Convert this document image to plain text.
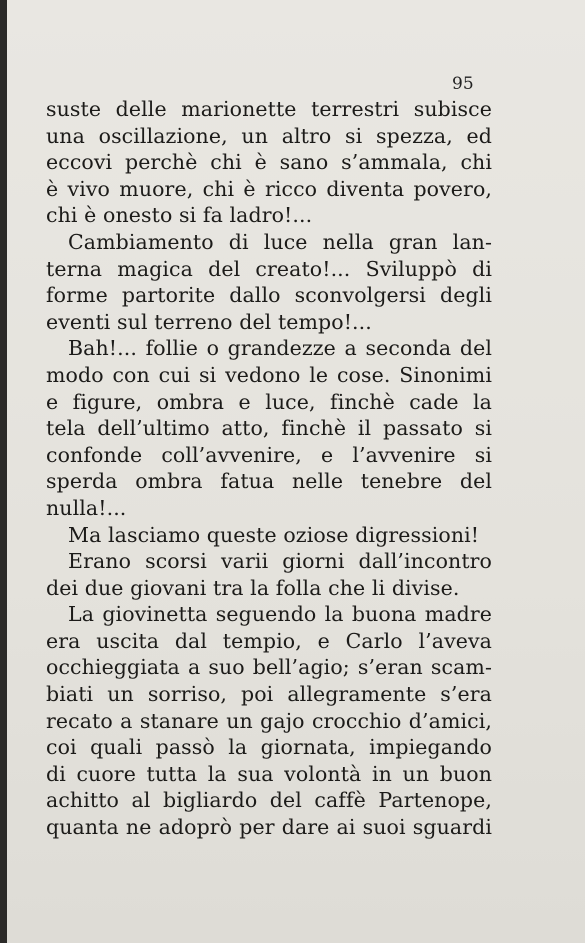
95
suste delle marionette terrestri subisce
una oscillazione, un altro si spezza, ed
eccovi perchè chi è sano s’ammala, chi
è vivo muore, chi è ricco diventa povero,
chi è onesto si fa ladro!...
Cambiamento di luce nella gran lan-
terna magica del creato!... Sviluppò di
forme partorite dallo sconvolgersi degli
eventi sul terreno del tempo!...
Bah!... follie o grandezze a seconda del
modo con cui si vedono le cose. Sinonimi
e figure, ombra e luce, finchè cade la
tela dell’ultimo atto, finchè il passato si
confonde coll’avvenire, e l’avvenire si
sperda ombra fatua nelle tenebre del
nulla!...
Ma lasciamo queste oziose digressioni!
Erano scorsi varii giorni dall’incontro
dei due giovani tra la folla che li divise.
La giovinetta seguendo la buona madre
era uscita dal tempio, e Carlo l’aveva
occhieggiata a suo bell’agio; s’eran scam-
biati un sorriso, poi allegramente s’era
recato a stanare un gajo crocchio d’amici,
coi quali passò la giornata, impiegando
di cuore tutta la sua volontà in un buon
achitto al bigliardo del caffè Partenope,
quanta ne adoprò per dare ai suoi sguardi
